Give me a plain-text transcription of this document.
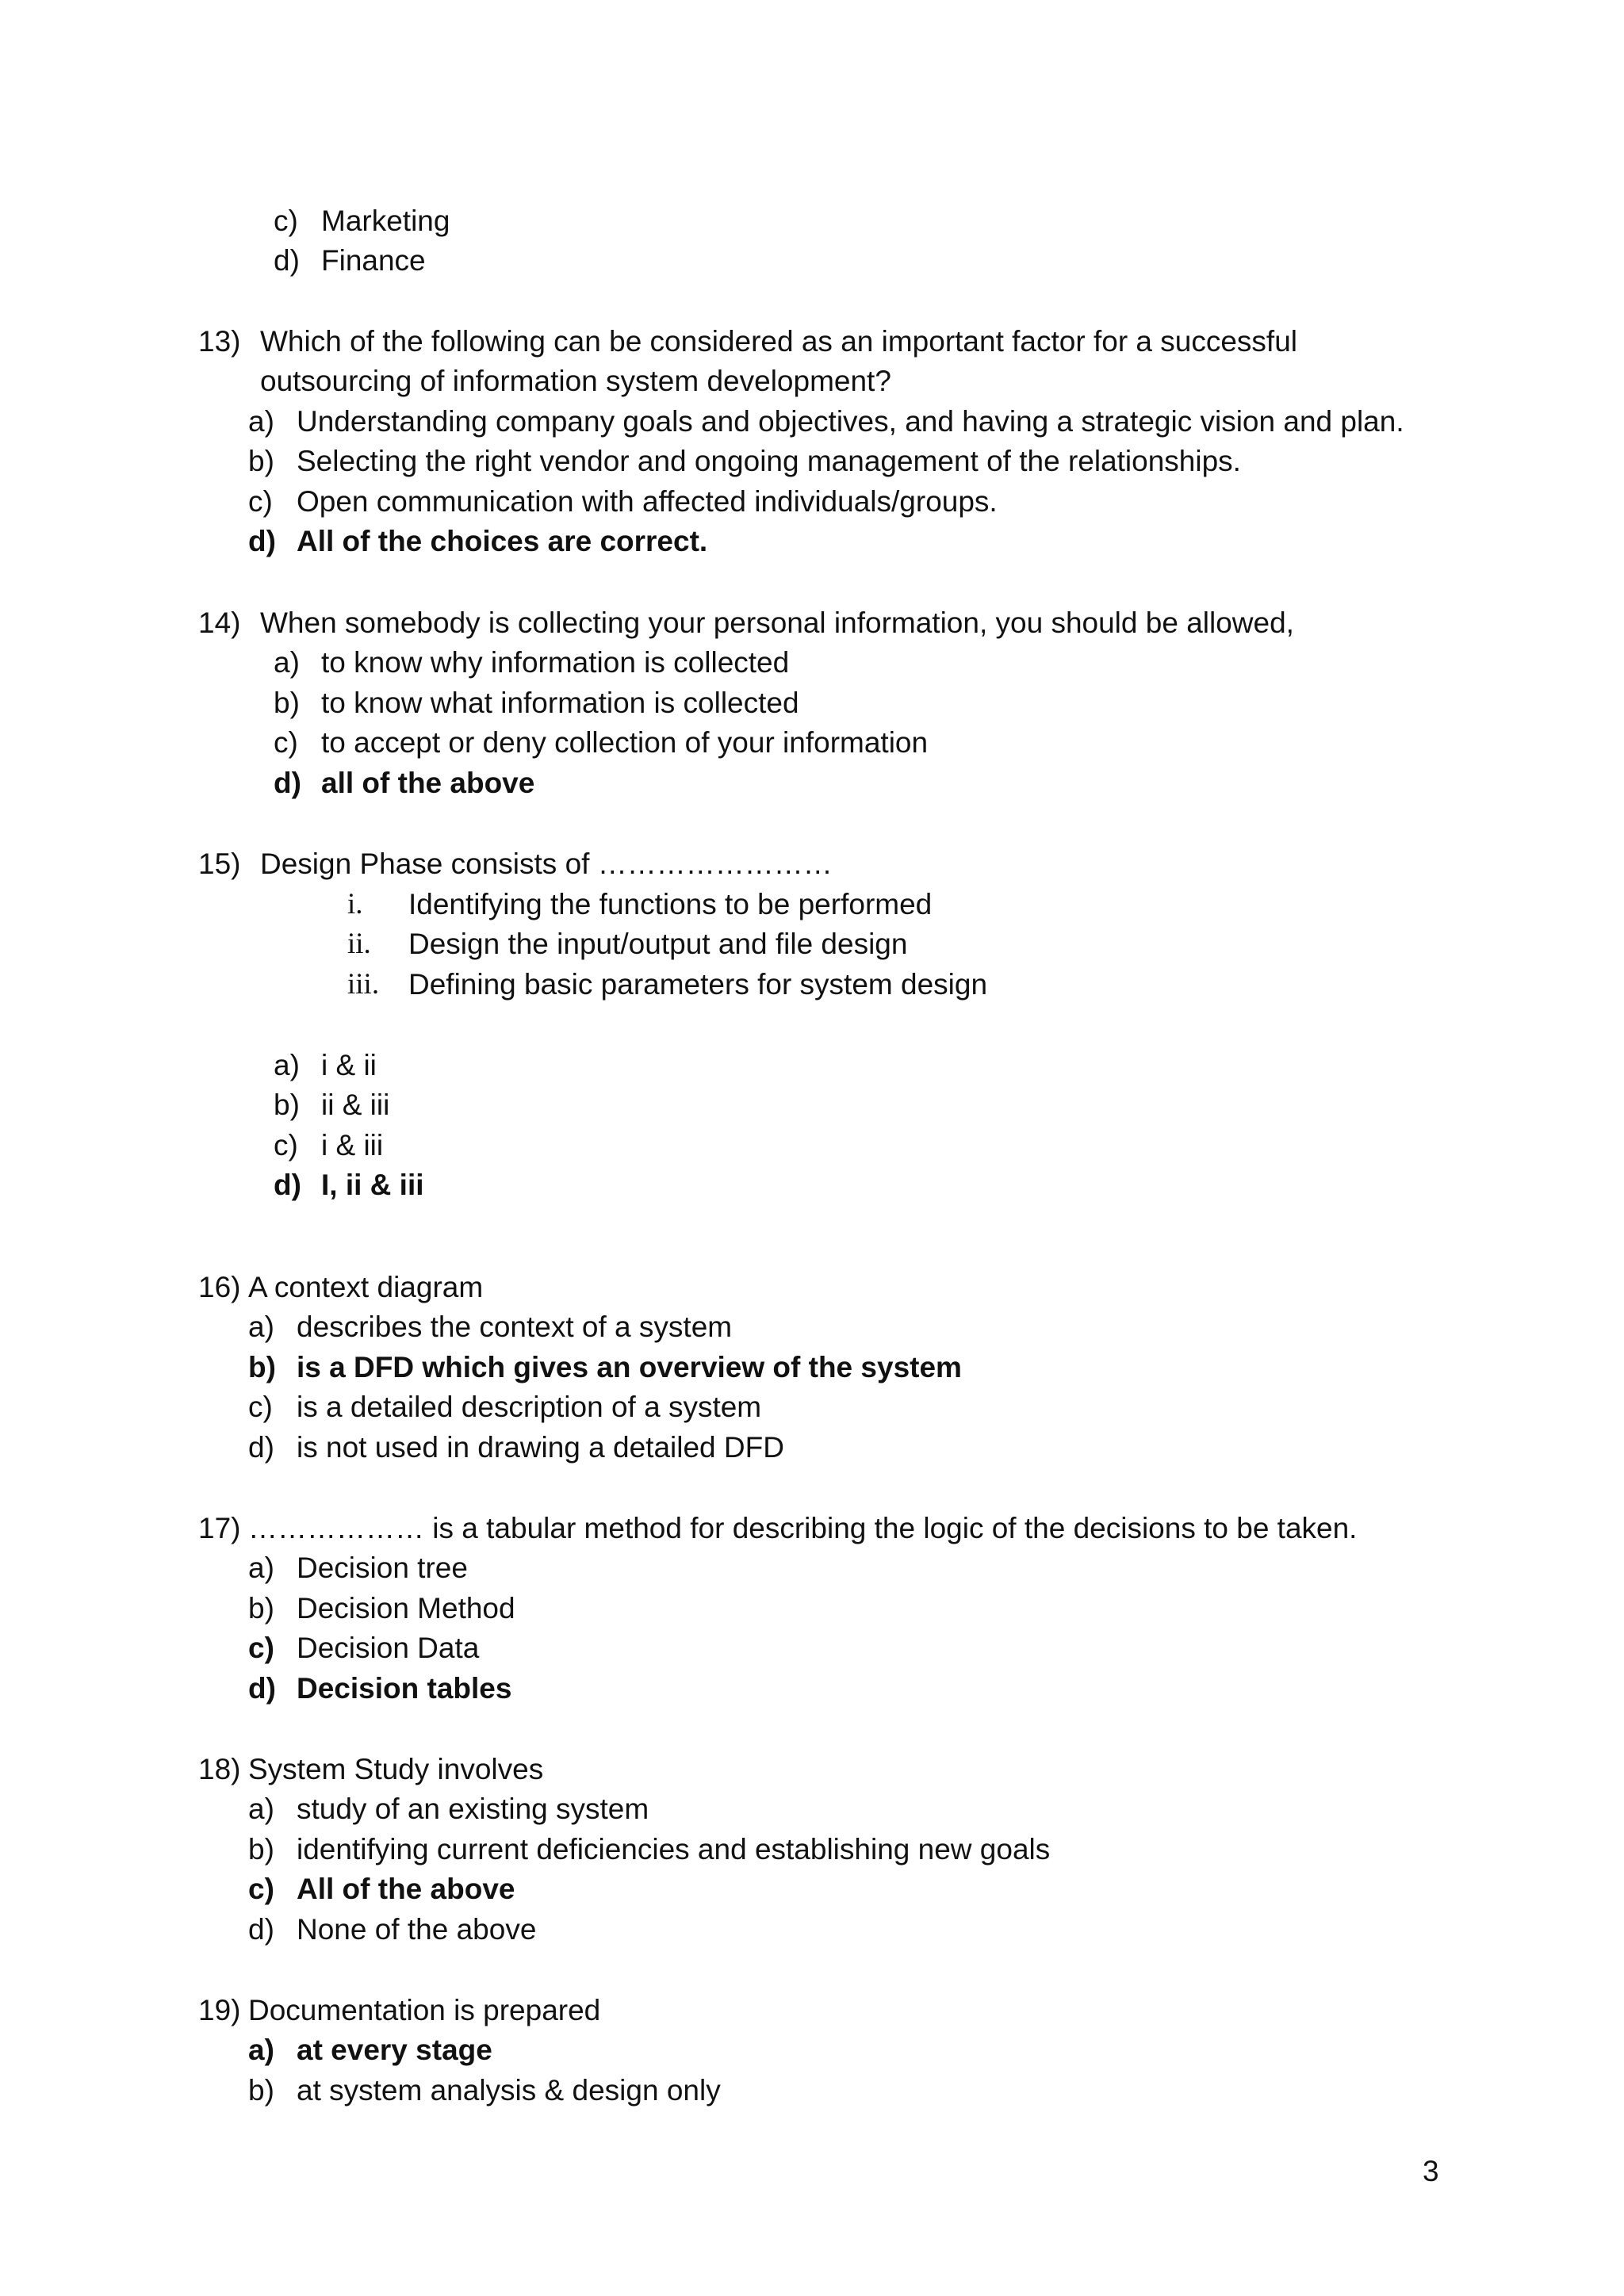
c) Marketing
d) Finance
13) Which of the following can be considered as an important factor for a successful
outsourcing of information system development?
a) Understanding company goals and objectives, and having a strategic vision and plan.
b) Selecting the right vendor and ongoing management of the relationships.
c) Open communication with affected individuals/groups.
d) All of the choices are correct.
14) When somebody is collecting your personal information, you should be allowed,
a) to know why information is collected
b) to know what information is collected
c) to accept or deny collection of your information
d) all of the above
15) Design Phase consists of ……………………
i. Identifying the functions to be performed
ii. Design the input/output and file design
iii. Defining basic parameters for system design
a) i & ii
b) ii & iii
c) i & iii
d) I, ii & iii
16) A context diagram
a) describes the context of a system
b) is a DFD which gives an overview of the system
c) is a detailed description of a system
d) is not used in drawing a detailed DFD
17) ……………… is a tabular method for describing the logic of the decisions to be taken.
a) Decision tree
b) Decision Method
c) Decision Data
d) Decision tables
18) System Study involves
a) study of an existing system
b) identifying current deficiencies and establishing new goals
c) All of the above
d) None of the above
19) Documentation is prepared
a) at every stage
b) at system analysis & design only
3
